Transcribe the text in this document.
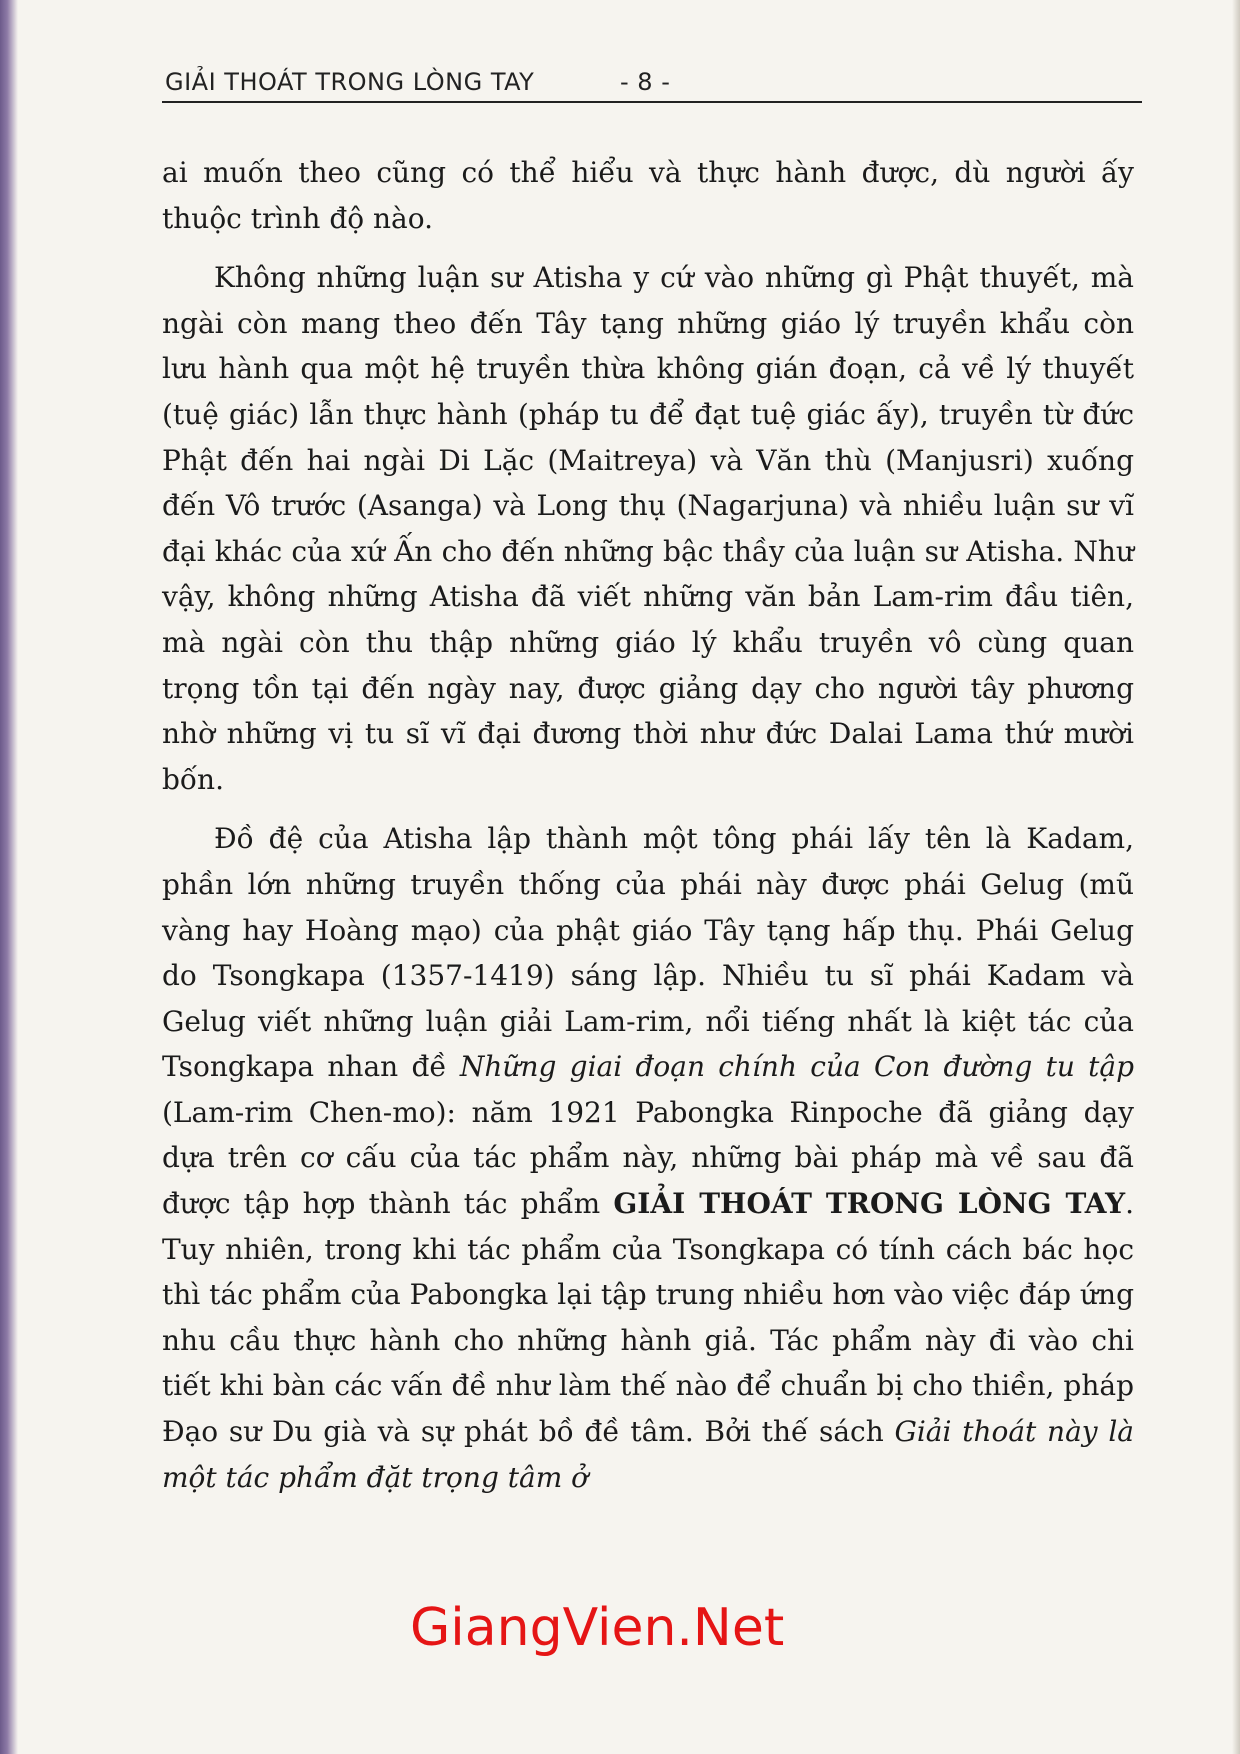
GIẢI THOÁT TRONG LÒNG TAY	- 8 -

ai muốn theo cũng có thể hiểu và thực hành được, dù người ấy thuộc trình độ nào.

Không những luận sư Atisha y cứ vào những gì Phật thuyết, mà ngài còn mang theo đến Tây tạng những giáo lý truyền khẩu còn lưu hành qua một hệ truyền thừa không gián đoạn, cả về lý thuyết (tuệ giác) lẫn thực hành (pháp tu để đạt tuệ giác ấy), truyền từ đức Phật đến hai ngài Di Lặc (Maitreya) và Văn thù (Manjusri) xuống đến Vô trước (Asanga) và Long thụ (Nagarjuna) và nhiều luận sư vĩ đại khác của xứ Ấn cho đến những bậc thầy của luận sư Atisha. Như vậy, không những Atisha đã viết những văn bản Lam-rim đầu tiên, mà ngài còn thu thập những giáo lý khẩu truyền vô cùng quan trọng tồn tại đến ngày nay, được giảng dạy cho người tây phương nhờ những vị tu sĩ vĩ đại đương thời như đức Dalai Lama thứ mười bốn.

Đồ đệ của Atisha lập thành một tông phái lấy tên là Kadam, phần lớn những truyền thống của phái này được phái Gelug (mũ vàng hay Hoàng mạo) của phật giáo Tây tạng hấp thụ. Phái Gelug do Tsongkapa (1357-1419) sáng lập. Nhiều tu sĩ phái Kadam và Gelug viết những luận giải Lam-rim, nổi tiếng nhất là kiệt tác của Tsongkapa nhan đề Những giai đoạn chính của Con đường tu tập (Lam-rim Chen-mo): năm 1921 Pabongka Rinpoche đã giảng dạy dựa trên cơ cấu của tác phẩm này, những bài pháp mà về sau đã được tập hợp thành tác phẩm GIẢI THOÁT TRONG LÒNG TAY. Tuy nhiên, trong khi tác phẩm của Tsongkapa có tính cách bác học thì tác phẩm của Pabongka lại tập trung nhiều hơn vào việc đáp ứng nhu cầu thực hành cho những hành giả. Tác phẩm này đi vào chi tiết khi bàn các vấn đề như làm thế nào để chuẩn bị cho thiền, pháp Đạo sư Du già và sự phát bồ đề tâm. Bởi thế sách Giải thoát này là một tác phẩm đặt trọng tâm ở

GiangVien.Net
